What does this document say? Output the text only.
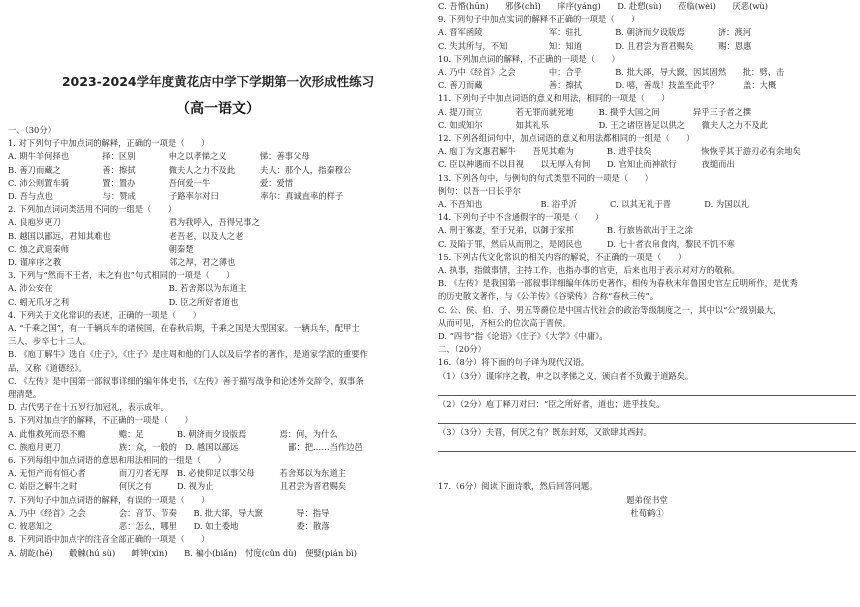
2023-2024学年度黄花店中学下学期第一次形成性练习
（高一语文）
一、（30分）
1. 对下列句子中加点词的解释，正确的一项是（　　）
A. 期牛羊何择也　　　　择：区别　　　　申之以孝悌之义　　　　悌：善事父母
B. 善刀而藏之　　　　　善：擦拭　　　　微夫人之力不及此　　　夫人：那个人，指秦穆公
C. 沛公则置车骑　　　　置：置办　　　　吾何爱一牛　　　　　　爱：爱惜
D. 吾与点也　　　　　　与：赞成　　　　子路率尔对曰　　　　　率尔：真诚直率的样子
2. 下列加点词词类活用不同的一组是（　　）
A. 良庖岁更刀　　　　　　　　　　　　　君为我呼入，吾得兄事之
B. 越国以鄙远，君知其难也　　　　　　　老吾老，以及人之老
C. 烛之武退秦师　　　　　　　　　　　　朝秦楚
D. 谨庠序之教　　　　　　　　　　　　　邻之厚，君之薄也
3. 下列与“然而不王者，未之有也”句式相同的一项是（　　）
A. 沛公安在　　　　　　　　　　　　　　B. 若舍郑以为东道主
C. 蚓无爪牙之利　　　　　　　　　　　　D. 臣之所好者道也
4. 下列关于文化常识的表述，正确的一项是（　　）
A. “千乘之国”，有一千辆兵车的诸侯国，在春秋后期，千乘之国是大型国家。一辆兵车，配甲士
三人，步卒七十二人。
B. 《庖丁解牛》选自《庄子》，《庄子》是庄周和他的门人以及后学者的著作，是道家学派的重要作
品，又称《道德经》。
C. 《左传》是中国第一部叙事详细的编年体史书，《左传》善于描写战争和论述外交辞令，叙事条
理清楚。
D. 古代男子在十五岁行加冠礼，表示成年。
5. 下列对加点字的解释，不正确的一项是（　　）
A. 此惟救死而恐不赡　　　　赡：足　　　　B. 朝济而夕设版焉　　　　焉：何，为什么
C. 族庖月更刀　　　　　　　族：众，一般的　D. 越国以鄙远　　　　　　鄙：把……当作边邑
6. 下列每组中加点词语的意思和用法相同的一组是（　　）
A. 无恒产而有恒心者　　　　而刀刃者无厚　B. 必使仰足以事父母　　　若舍郑以为东道主
C. 始臣之解牛之时　　　　　何厌之有　　　D. 视为止　　　　　　　　且君尝为晋君赐矣
7. 下列句子中加点词语的解释，有误的一项是（　　）
A. 乃中《经首》之会　　　　会：音节、节奏　　B. 批大郤，导大窾　　　　导：指导
C. 彼恶知之　　　　　　　　恶：怎么，哪里　　D. 如土委地　　　　　　　委：散落
8. 下列词语中加点字的注音全部正确的一项是（　　）
A. 胡龁(hé)　　觳觫(hú sù)　　衅钟(xìn)　　B. 褊小(biǎn)　忖度(cǔn dù)　便嬖(pián bì)
C. 吾惛(hūn)　　邪侈(chǐ)　　庠序(yáng)　　D. 赴愬(sù)　　莅临(wèi)　　厌恶(wù)
9. 下列句子中加点实词的解释不正确的一项是（　　）
A. 晋军函陵　　　　　　　　军：驻扎　　　　B. 朝济而夕设版焉　　　　济：渡河
C. 失其所与，不知　　　　　知：知道　　　　D. 且君尝为晋君赐矣　　　赐：恩惠
10. 下列加点词的解释，不正确的一项是（　　）
A. 乃中《经首》之会　　　　中：合乎　　　　B. 批大郤，导大窾，因其固然　　批：劈、击
C. 善刀而藏　　　　　　　　善：擦拭　　　　D. 嘻，善哉！技盖至此乎？　　　盖：大概
11. 下列句子中加点词语的意义和用法，相同的一项是（　　）
A. 提刀而立　　　　若无罪而就死地　　　B. 摄乎大国之间　　　　异乎三子者之撰
C. 如或知尔　　　　如其礼乐　　　　　　D. 王之诸臣皆足以供之　　微夫人之力不及此
12. 下列各组词句中，加点词语的意义和用法都相同的一组是（　　）
A. 庖丁为文惠君解牛　　吾见其难为　　　　B. 进乎技矣　　　　　　恢恢乎其于游刃必有余地矣
C. 臣以神遇而不以目视　　以无厚入有间　　D. 官知止而神欲行　　　夜缒而出
13. 下列各句中，与例句的句式类型不同的一项是（　　）
例句：以吾一日长乎尔
A. 不吾知也　　　　　　　B. 浴乎沂　　　　C. 以其无礼于晋　　　　D. 为国以礼
14. 下列句子中不含通假字的一项是（　　）
A. 刑于寡妻，至于兄弟，以御于家邦　　　　B. 行旅皆欲出于王之涂
C. 及陷于罪，然后从而刑之，是罔民也　　　D. 七十者衣帛食肉，黎民不饥不寒
15. 下列古代文化常识的相关内容的解说，不正确的一项是（　　）
A. 执事，指做事情，主持工作，也指办事的官吏，后来也用于表示对对方的敬称。
B. 《左传》是我国第一部叙事详细编年体历史著作，相传为春秋末年鲁国史官左丘明所作，是优秀
的历史散文著作，与《公羊传》《谷梁传》合称“春秋三传”。
C. 公、侯、伯、子、男五等爵位是中国古代社会的政治等级制度之一，其中以“公”级别最大，
从而可见，齐桓公的位次高于晋侯。
D. “四书”指《论语》《庄子》《大学》《中庸》。
二、（20分）
16.（8分）将下面的句子译为现代汉语。
（1）（3分）谨庠序之教，申之以孝悌之义，颁白者不负戴于道路矣。
（2）（2分）庖丁释刀对曰：“臣之所好者，道也；进乎技矣。
（3）（3分）夫晋，何厌之有？既东封郑，又欲肆其西封。
17.（6分）阅读下面诗歌，然后回答问题。
题弟侄书堂
杜荀鹤①
